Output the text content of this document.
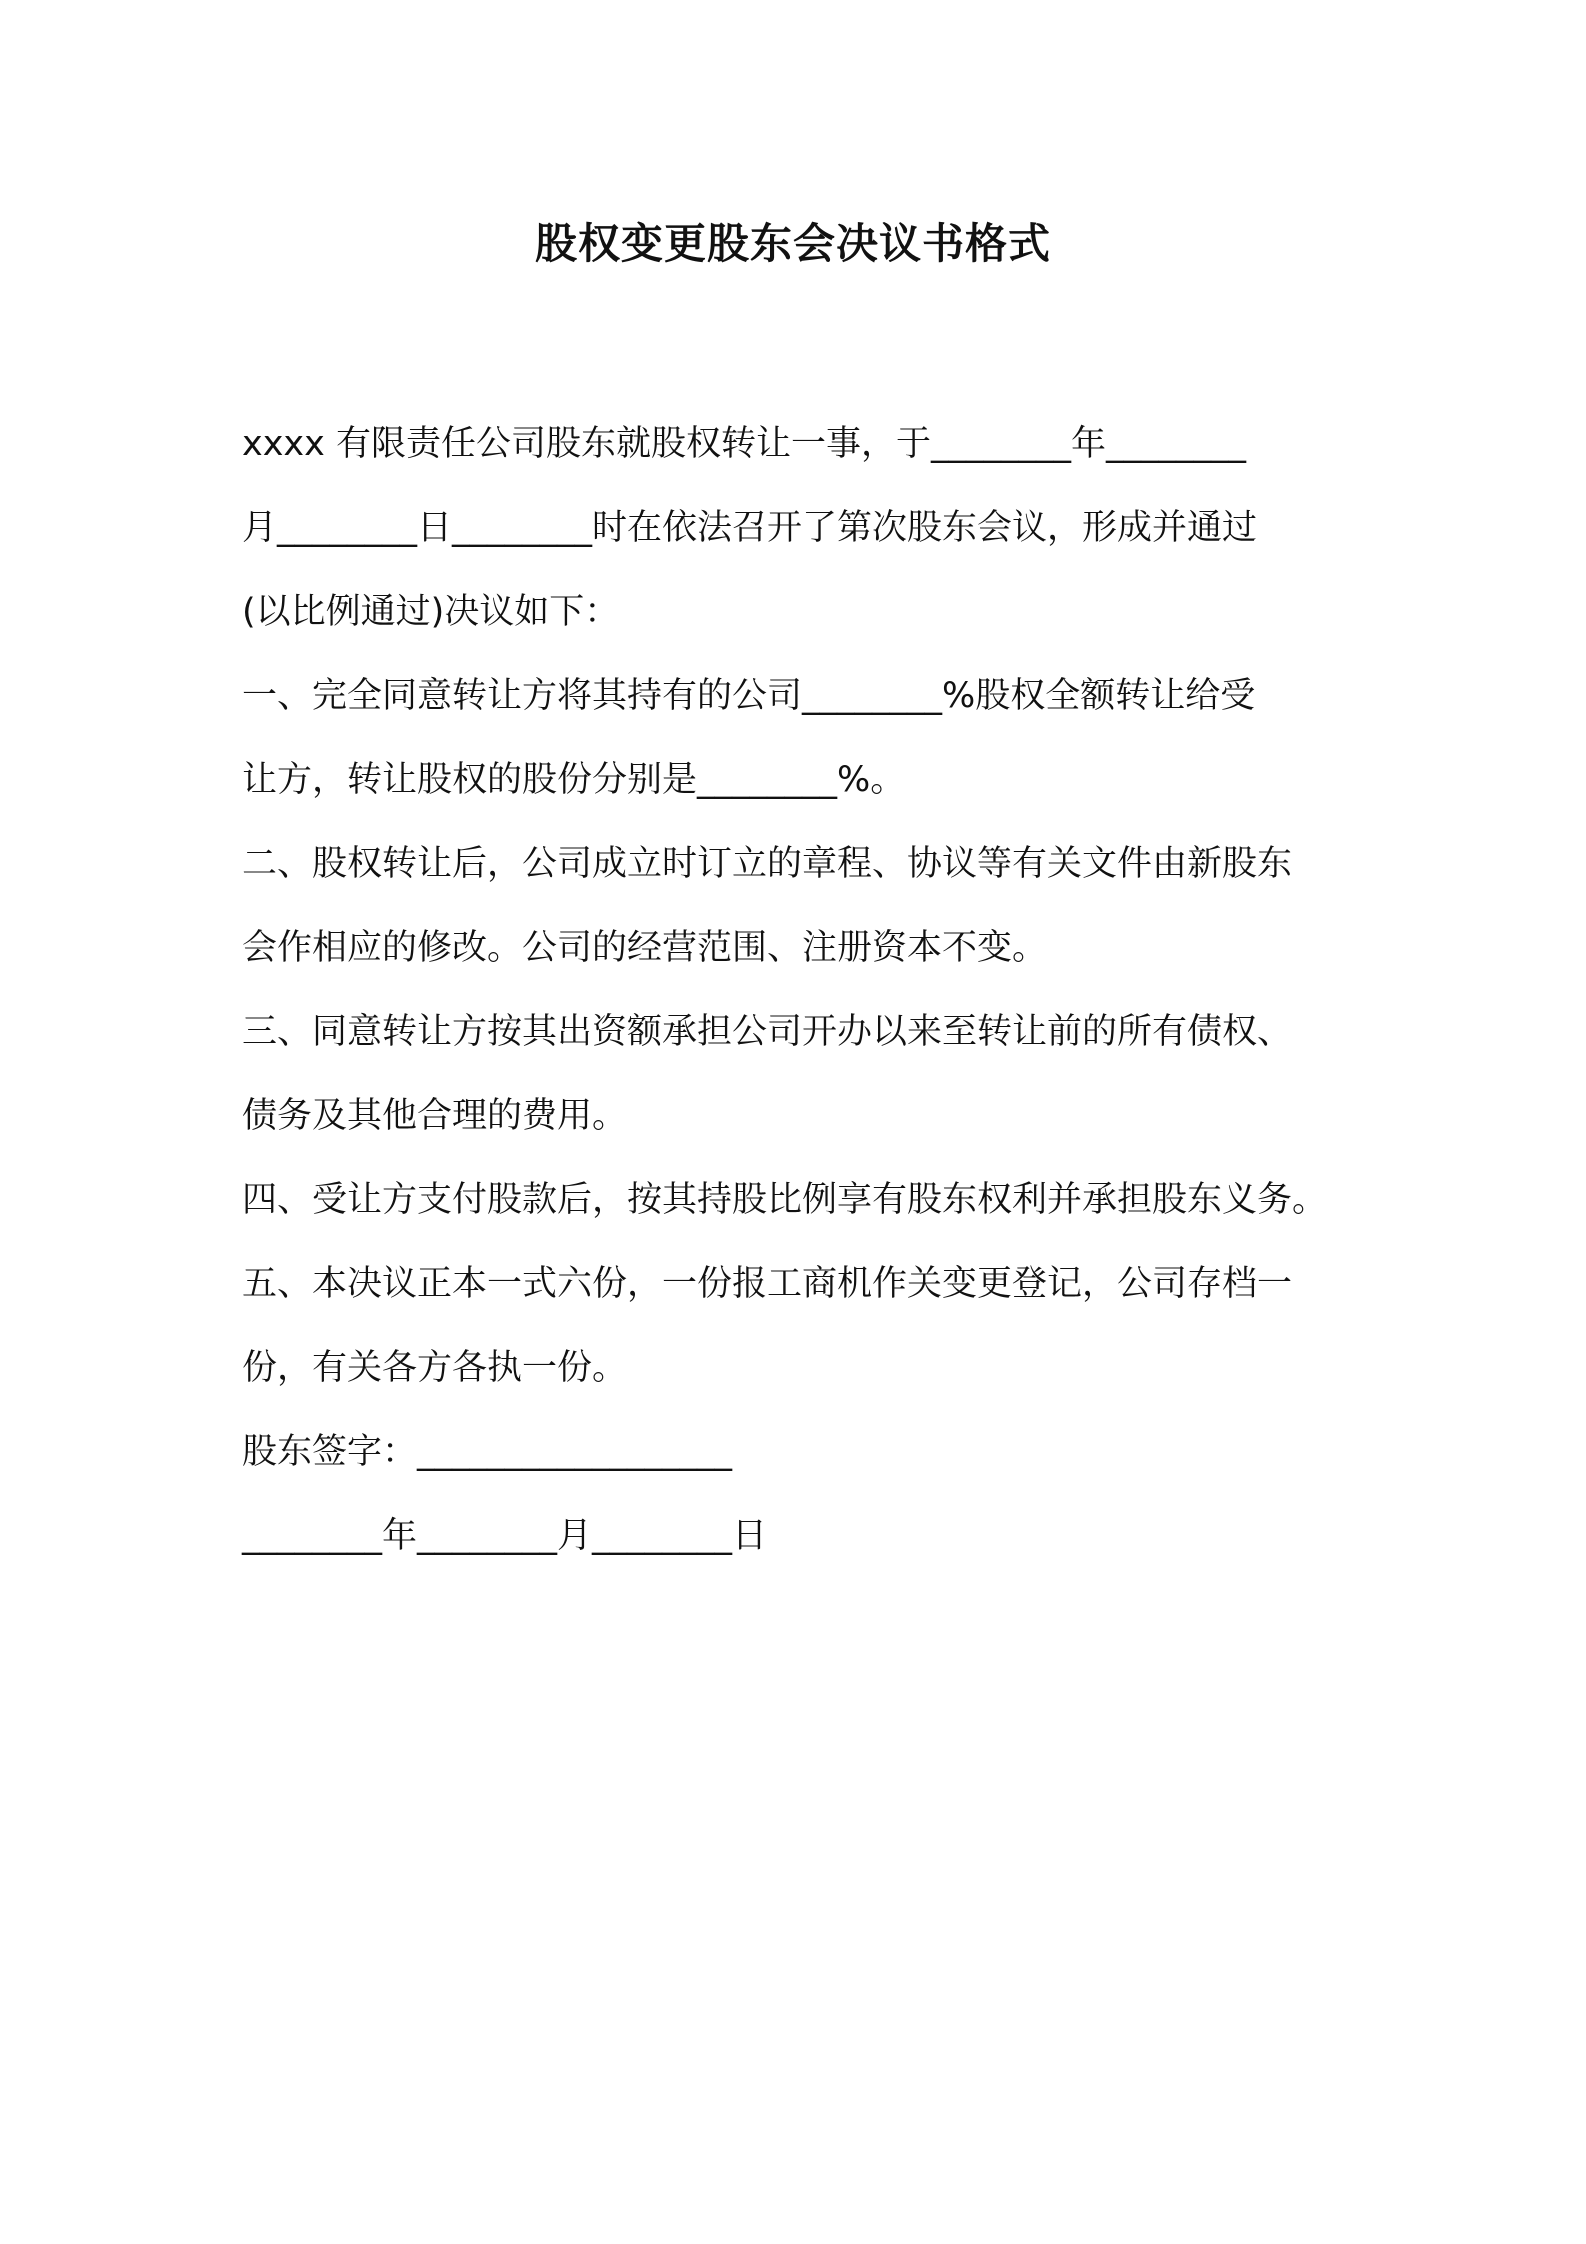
股权变更股东会决议书格式
xxxx 有限责任公司股东就股权转让一事，于________年________
月________日________时在依法召开了第次股东会议，形成并通过
(以比例通过)决议如下：
一、完全同意转让方将其持有的公司________%股权全额转让给受
让方，转让股权的股份分别是________%。
二、股权转让后，公司成立时订立的章程、协议等有关文件由新股东
会作相应的修改。公司的经营范围、注册资本不变。
三、同意转让方按其出资额承担公司开办以来至转让前的所有债权、
债务及其他合理的费用。
四、受让方支付股款后，按其持股比例享有股东权利并承担股东义务。
五、本决议正本一式六份，一份报工商机作关变更登记，公司存档一
份，有关各方各执一份。
股东签字：__________________
________年________月________日
